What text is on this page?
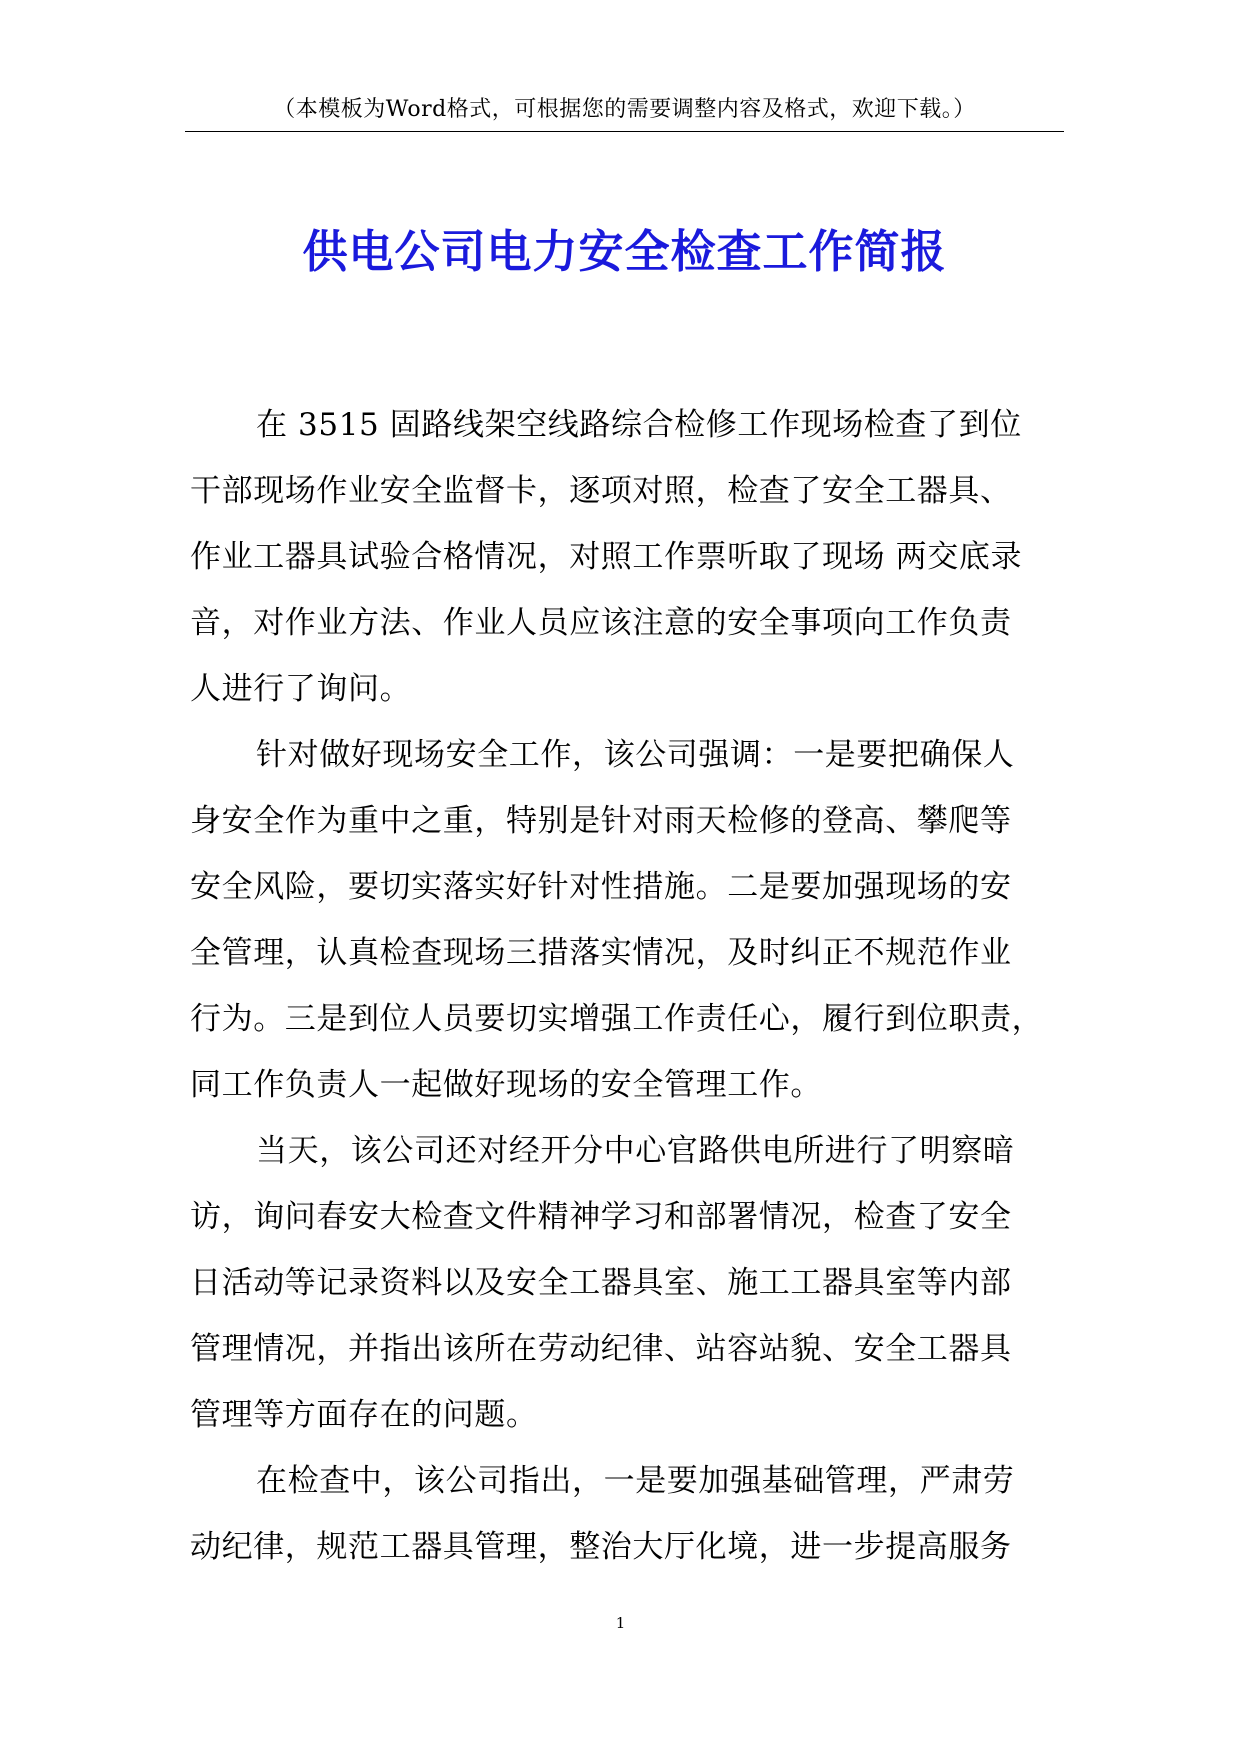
（本模板为Word格式，可根据您的需要调整内容及格式，欢迎下载。）
供电公司电力安全检查工作简报

在 3515 固路线架空线路综合检修工作现场检查了到位
干部现场作业安全监督卡，逐项对照，检查了安全工器具、
作业工器具试验合格情况，对照工作票听取了现场 两交底录
音，对作业方法、作业人员应该注意的安全事项向工作负责
人进行了询问。

针对做好现场安全工作，该公司强调：一是要把确保人
身安全作为重中之重，特别是针对雨天检修的登高、攀爬等
安全风险，要切实落实好针对性措施。二是要加强现场的安
全管理，认真检查现场三措落实情况，及时纠正不规范作业
行为。三是到位人员要切实增强工作责任心，履行到位职责，
同工作负责人一起做好现场的安全管理工作。

当天，该公司还对经开分中心官路供电所进行了明察暗
访，询问春安大检查文件精神学习和部署情况，检查了安全
日活动等记录资料以及安全工器具室、施工工器具室等内部
管理情况，并指出该所在劳动纪律、站容站貌、安全工器具
管理等方面存在的问题。

在检查中，该公司指出，一是要加强基础管理，严肃劳
动纪律，规范工器具管理，整治大厅化境，进一步提高服务

1
